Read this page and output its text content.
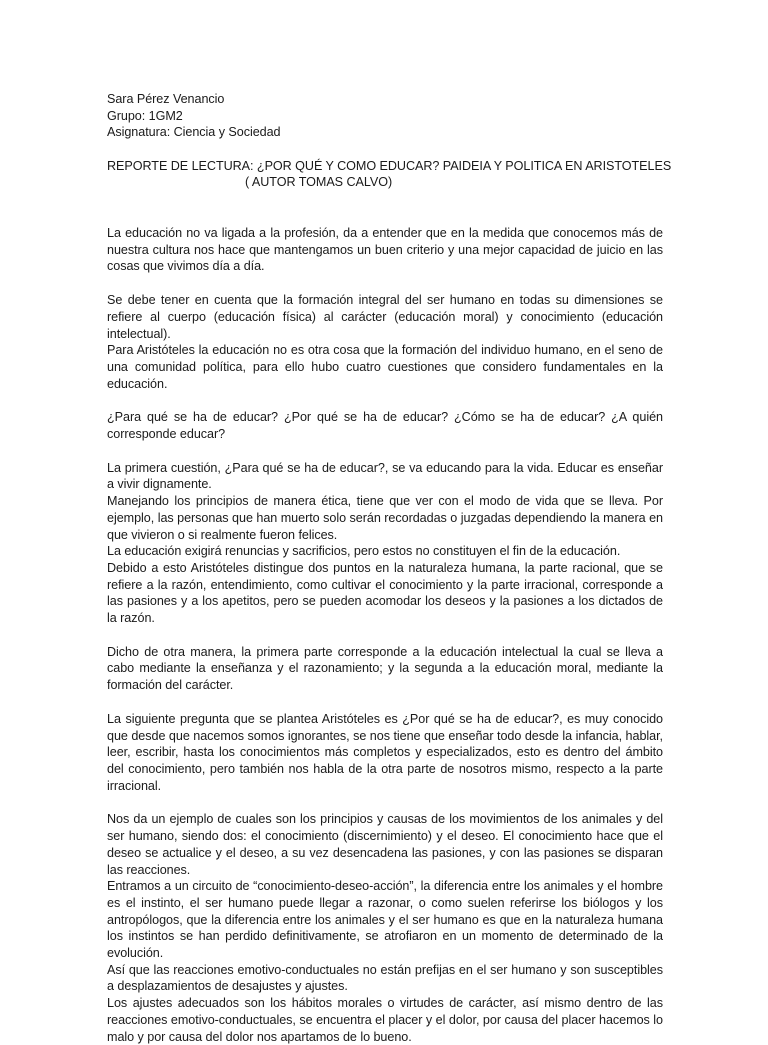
Sara Pérez Venancio
Grupo: 1GM2
Asignatura: Ciencia y Sociedad
REPORTE DE LECTURA: ¿POR QUÉ Y COMO EDUCAR? PAIDEIA Y POLITICA EN ARISTOTELES
( AUTOR TOMAS CALVO)

La educación no va ligada a la profesión, da a entender que en la medida que conocemos más de nuestra cultura nos hace que mantengamos un buen criterio y una mejor capacidad de juicio en las cosas que vivimos día a día.

Se debe tener en cuenta que la formación integral del ser humano en todas su dimensiones se refiere al cuerpo (educación física) al carácter (educación moral) y conocimiento (educación intelectual).

Para Aristóteles la educación no es otra cosa que la formación del individuo humano, en el seno de una comunidad política, para ello hubo cuatro cuestiones que considero fundamentales en la educación.

¿Para qué se ha de educar? ¿Por qué se ha de educar? ¿Cómo se ha de educar? ¿A quién corresponde educar?

La primera cuestión, ¿Para qué se ha de educar?, se va educando para la vida. Educar es enseñar a vivir dignamente.

Manejando los principios de manera ética, tiene que ver con el modo de vida que se lleva. Por ejemplo, las personas que han muerto solo serán recordadas o juzgadas dependiendo la manera en que vivieron o si realmente fueron felices.

La educación exigirá renuncias y sacrificios, pero estos no constituyen el fin de la educación.

Debido a esto Aristóteles distingue dos puntos en la naturaleza humana, la parte racional, que se refiere a la razón, entendimiento, como cultivar el conocimiento y la parte irracional, corresponde a las pasiones y a los apetitos, pero se pueden acomodar los deseos y la pasiones a los dictados de la razón.

Dicho de otra manera, la primera parte corresponde a la educación intelectual la cual se lleva a cabo mediante la enseñanza y el razonamiento; y la segunda a la educación moral, mediante la formación del carácter.

La siguiente pregunta que se plantea Aristóteles es ¿Por qué se ha de educar?, es muy conocido que desde que nacemos somos ignorantes, se nos tiene que enseñar todo desde la infancia, hablar, leer, escribir, hasta los conocimientos más completos y especializados, esto es dentro del ámbito del conocimiento, pero también nos habla de la otra parte de nosotros mismo, respecto a la parte irracional.

Nos da un ejemplo de cuales son los principios y causas de los movimientos de los animales y del ser humano, siendo dos: el conocimiento (discernimiento) y el deseo. El conocimiento hace que el deseo se actualice y el deseo, a su vez desencadena las pasiones, y con las pasiones se disparan las reacciones.

Entramos a un circuito de “conocimiento-deseo-acción”, la diferencia entre los animales y el hombre es el instinto, el ser humano puede llegar a razonar, o como suelen referirse los biólogos y los antropólogos, que la diferencia entre los animales y el ser humano es que en la naturaleza humana los instintos se han perdido definitivamente, se atrofiaron en un momento de determinado de la evolución.

Así que las reacciones emotivo-conductuales no están prefijas en el ser humano y son susceptibles a desplazamientos de desajustes y ajustes.

Los ajustes adecuados son los hábitos morales o virtudes de carácter, así mismo dentro de las reacciones emotivo-conductuales, se encuentra el placer y el dolor, por causa del placer hacemos lo malo y por causa del dolor nos apartamos de lo bueno.
